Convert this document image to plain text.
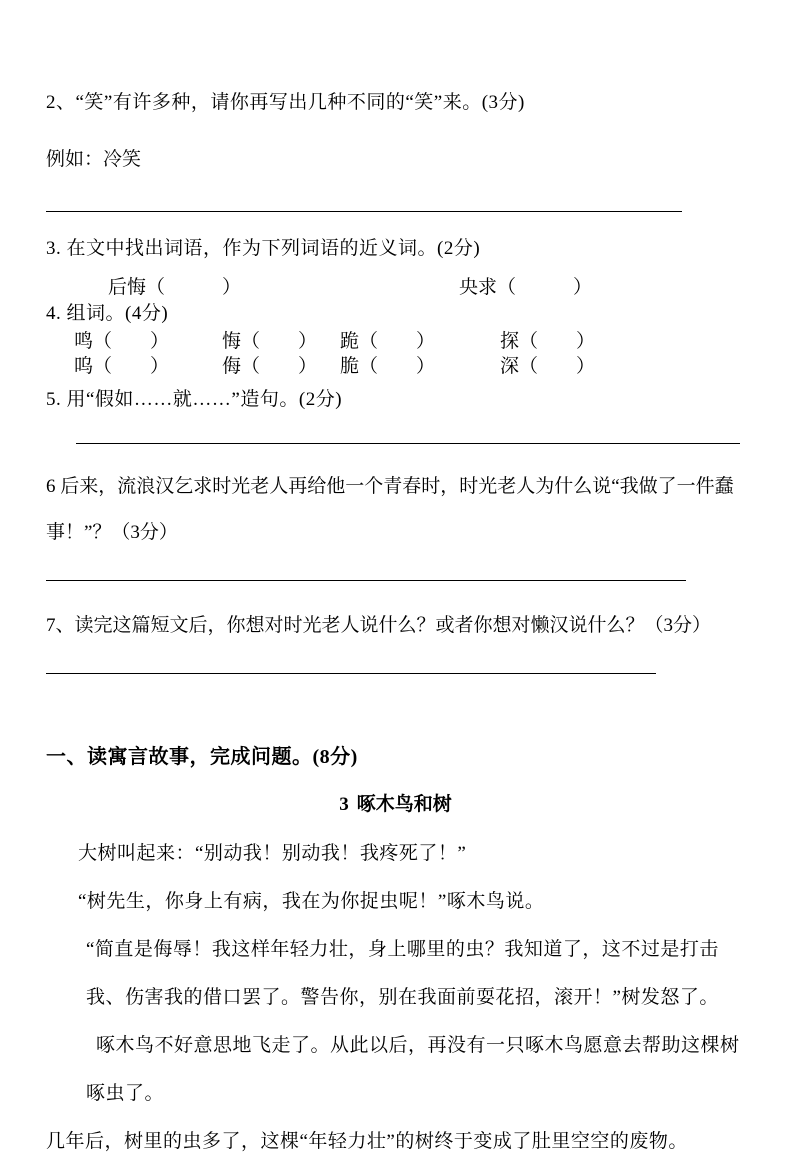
2、“笑”有许多种，请你再写出几种不同的“笑”来。(3分)
例如：冷笑
3. 在文中找出词语，作为下列词语的近义词。(2分)
后悔（　　　）	央求（　　　）
4. 组词。(4分)
鸣（　　）	悔（　　）	跪（　　）	探（　　）
呜（　　）	侮（　　）	脆（　　）	深（　　）
5. 用“假如……就……”造句。(2分)
6 后来，流浪汉乞求时光老人再给他一个青春时，时光老人为什么说“我做了一件蠢事！”？（3分）
7、读完这篇短文后，你想对时光老人说什么？或者你想对懒汉说什么？（3分）
一、读寓言故事，完成问题。(8分)
3 啄木鸟和树
大树叫起来：“别动我！别动我！我疼死了！”
“树先生，你身上有病，我在为你捉虫呢！”啄木鸟说。
“简直是侮辱！我这样年轻力壮，身上哪里的虫？我知道了，这不过是打击
我、伤害我的借口罢了。警告你，别在我面前耍花招，滚开！”树发怒了。
啄木鸟不好意思地飞走了。从此以后，再没有一只啄木鸟愿意去帮助这棵树
啄虫了。
几年后，树里的虫多了，这棵“年轻力壮”的树终于变成了肚里空空的废物。
